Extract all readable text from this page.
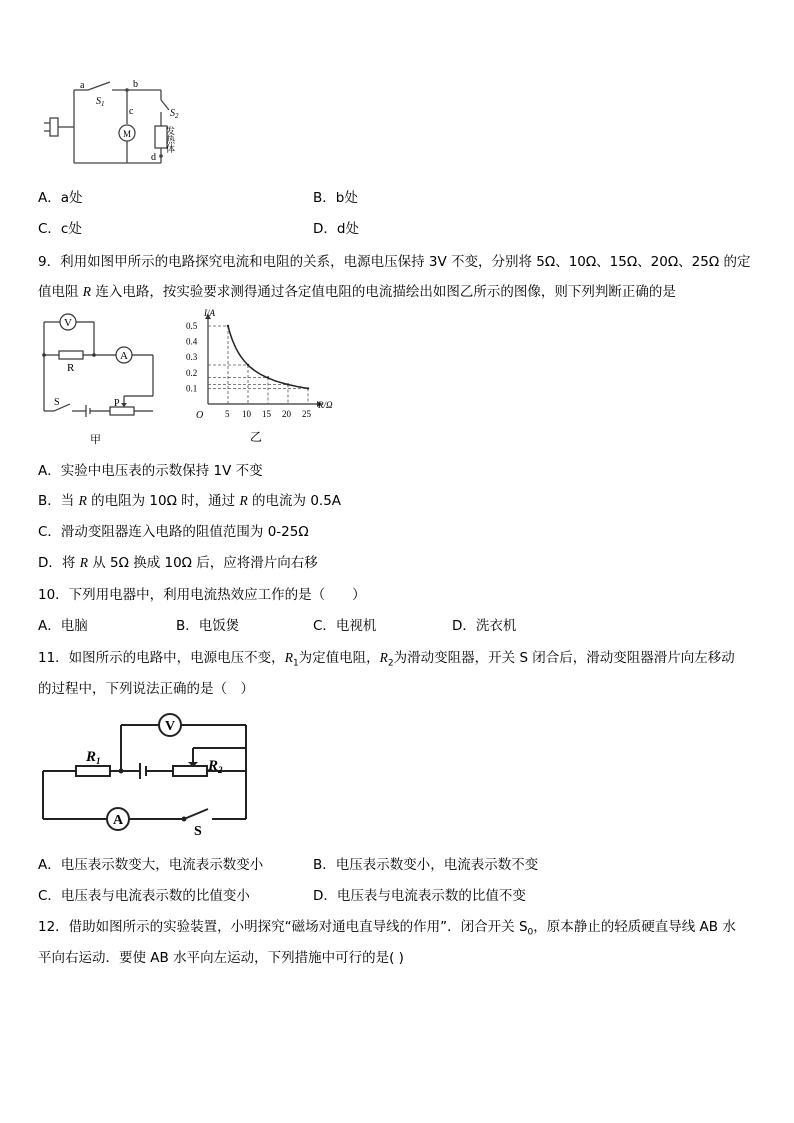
a	b
c
d
$S_1$
$S_2$
M	发热体
A．a处	B．b处
C．c处	D．d处
9．利用如图甲所示的电路探究电流和电阻的关系，电源电压保持 3V 不变，分别将 5Ω、10Ω、15Ω、20Ω、25Ω 的定
值电阻 R 连入电路，按实验要求测得通过各定值电阻的电流描绘出如图乙所示的图像，则下列判断正确的是
V
A
R
S	P
甲
R/Ω
I/A
O 5 10 15 20 25
0.1
0.2
0.3
0.4
0.5
乙
A．实验中电压表的示数保持 1V 不变
B．当 R 的电阻为 10Ω 时，通过 R 的电流为 0.5A
C．滑动变阻器连入电路的阻值范围为 0-25Ω
D．将 R 从 5Ω 换成 10Ω 后，应将滑片向右移
10．下列用电器中，利用电流热效应工作的是（　　）
A．电脑	B．电饭煲	C．电视机	D．洗衣机
11．如图所示的电路中，电源电压不变，$R_1$为定值电阻，$R_2$为滑动变阻器，开关 S 闭合后，滑动变阻器滑片向左移动
的过程中，下列说法正确的是（　）
V
A
$R_1$	$R_2$
S
A．电压表示数变大，电流表示数变小	B．电压表示数变小，电流表示数不变
C．电压表与电流表示数的比值变小	D．电压表与电流表示数的比值不变
12．借助如图所示的实验装置，小明探究“磁场对通电直导线的作用”．闭合开关 $S_0$，原本静止的轻质硬直导线 AB 水
平向右运动．要使 AB 水平向左运动，下列措施中可行的是( )
